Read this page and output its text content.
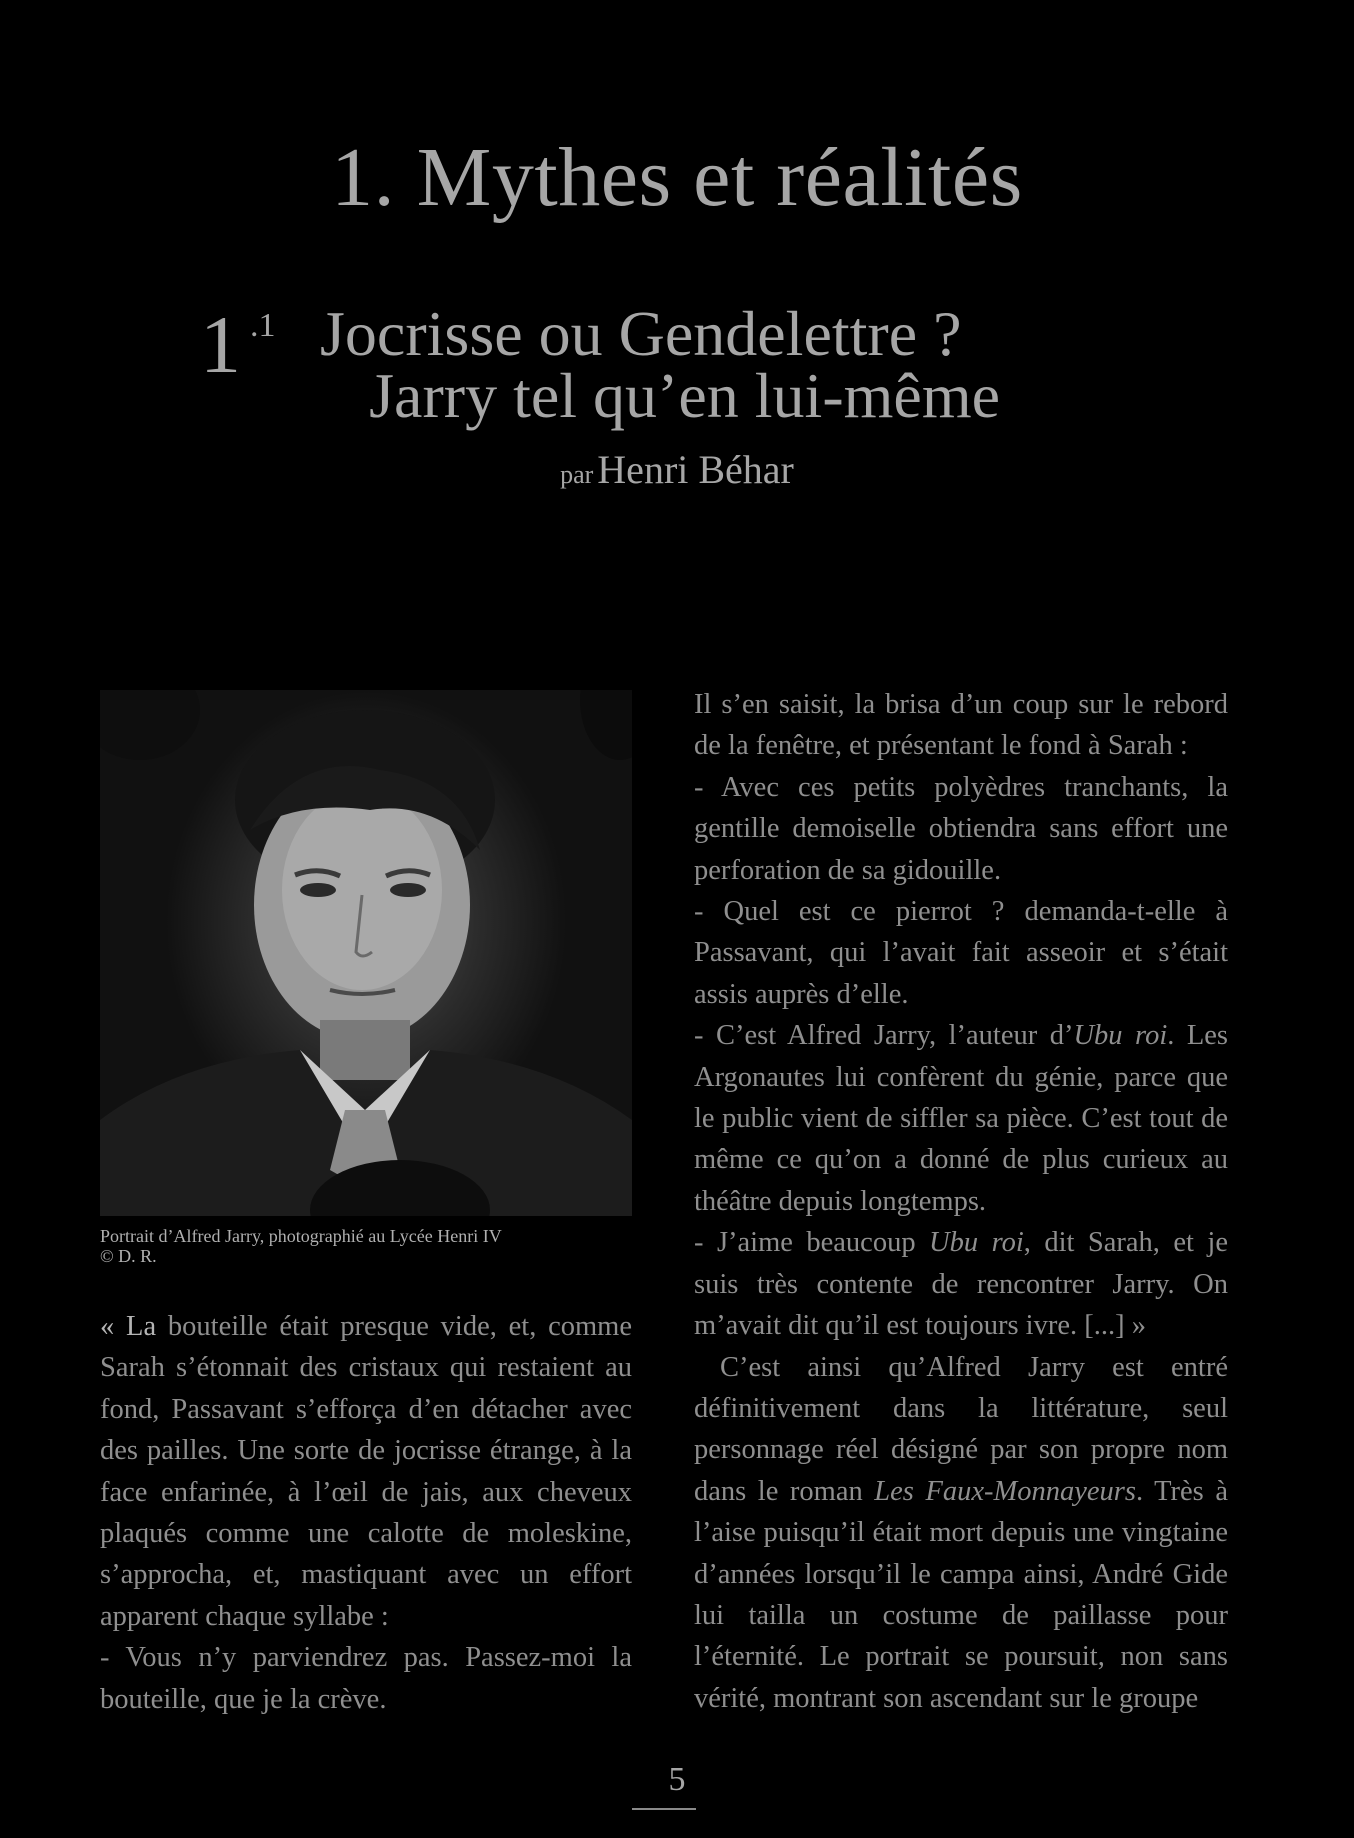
1. Mythes et réalités
1 .1 Jocrisse ou Gendelettre ?
Jarry tel qu’en lui-même
par Henri Béhar
Portrait d’Alfred Jarry, photographié au Lycée Henri IV
© D. R.

« La bouteille était presque vide, et, comme Sarah s’étonnait des cristaux qui restaient au fond, Passavant s’efforça d’en détacher avec des pailles. Une sorte de jocrisse étrange, à la face enfarinée, à l’œil de jais, aux cheveux plaqués comme une calotte de moleskine, s’approcha, et, mastiquant avec un effort apparent chaque syllabe :

- Vous n’y parviendrez pas. Passez-moi la bouteille, que je la crève.

Il s’en saisit, la brisa d’un coup sur le rebord de la fenêtre, et présentant le fond à Sarah :

- Avec ces petits polyèdres tranchants, la gentille demoiselle obtiendra sans effort une perforation de sa gidouille.

- Quel est ce pierrot ? demanda-t-elle à Passavant, qui l’avait fait asseoir et s’était assis auprès d’elle.

- C’est Alfred Jarry, l’auteur d’Ubu roi. Les Argonautes lui confèrent du génie, parce que le public vient de siffler sa pièce. C’est tout de même ce qu’on a donné de plus curieux au théâtre depuis longtemps.

- J’aime beaucoup Ubu roi, dit Sarah, et je suis très contente de rencontrer Jarry. On m’avait dit qu’il est toujours ivre. [...] »

C’est ainsi qu’Alfred Jarry est entré définitivement dans la littérature, seul personnage réel désigné par son propre nom dans le roman Les Faux-Monnayeurs. Très à l’aise puisqu’il était mort depuis une vingtaine d’années lorsqu’il le campa ainsi, André Gide lui tailla un costume de paillasse pour l’éternité. Le portrait se poursuit, non sans vérité, montrant son ascendant sur le groupe

5
